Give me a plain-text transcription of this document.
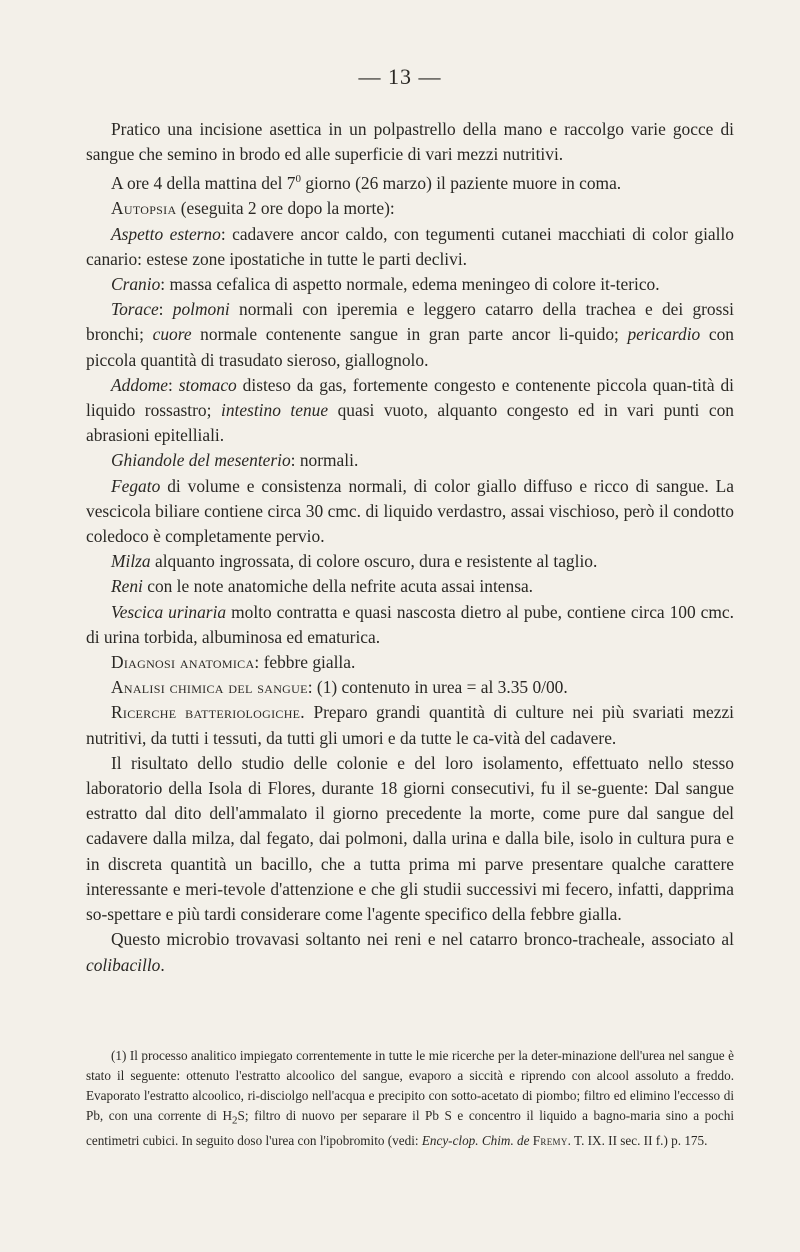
— 13 —

Pratico una incisione asettica in un polpastrello della mano e raccolgo varie gocce di sangue che semino in brodo ed alle superficie di vari mezzi nutritivi.

A ore 4 della mattina del $7^0$ giorno (26 marzo) il paziente muore in coma.

Autopsia (eseguita 2 ore dopo la morte):

Aspetto esterno: cadavere ancor caldo, con tegumenti cutanei macchiati di color giallo canario: estese zone ipostatiche in tutte le parti declivi.

Cranio: massa cefalica di aspetto normale, edema meningeo di colore it-terico.

Torace: polmoni normali con iperemia e leggero catarro della trachea e dei grossi bronchi; cuore normale contenente sangue in gran parte ancor li-quido; pericardio con piccola quantità di trasudato sieroso, giallognolo.

Addome: stomaco disteso da gas, fortemente congesto e contenente piccola quan-tità di liquido rossastro; intestino tenue quasi vuoto, alquanto congesto ed in vari punti con abrasioni epitelliali.

Ghiandole del mesenterio: normali.

Fegato di volume e consistenza normali, di color giallo diffuso e ricco di sangue. La vescicola biliare contiene circa 30 cmc. di liquido verdastro, assai vischioso, però il condotto coledoco è completamente pervio.

Milza alquanto ingrossata, di colore oscuro, dura e resistente al taglio.

Reni con le note anatomiche della nefrite acuta assai intensa.

Vescica urinaria molto contratta e quasi nascosta dietro al pube, contiene circa 100 cmc. di urina torbida, albuminosa ed ematurica.

Diagnosi anatomica: febbre gialla.

Analisi chimica del sangue: (1) contenuto in urea = al 3.35 0/00.

Ricerche batteriologiche. Preparo grandi quantità di culture nei più svariati mezzi nutritivi, da tutti i tessuti, da tutti gli umori e da tutte le ca-vità del cadavere.

Il risultato dello studio delle colonie e del loro isolamento, effettuato nello stesso laboratorio della Isola di Flores, durante 18 giorni consecutivi, fu il se-guente: Dal sangue estratto dal dito dell'ammalato il giorno precedente la morte, come pure dal sangue del cadavere dalla milza, dal fegato, dai polmoni, dalla urina e dalla bile, isolo in cultura pura e in discreta quantità un bacillo, che a tutta prima mi parve presentare qualche carattere interessante e meri-tevole d'attenzione e che gli studii successivi mi fecero, infatti, dapprima so-spettare e più tardi considerare come l'agente specifico della febbre gialla.

Questo microbio trovavasi soltanto nei reni e nel catarro bronco-tracheale, associato al colibacillo.

(1) Il processo analitico impiegato correntemente in tutte le mie ricerche per la deter-minazione dell'urea nel sangue è stato il seguente: ottenuto l'estratto alcoolico del sangue, evaporo a siccità e riprendo con alcool assoluto a freddo. Evaporato l'estratto alcoolico, ri-disciolgo nell'acqua e precipito con sotto-acetato di piombo; filtro ed elimino l'eccesso di Pb, con una corrente di $H_2S$; filtro di nuovo per separare il Pb S e concentro il liquido a bagno-maria sino a pochi centimetri cubici. In seguito doso l'urea con l'ipobromito (vedi: Ency-clop. Chim. de Fremy. T. IX. II sec. II f.) p. 175.
